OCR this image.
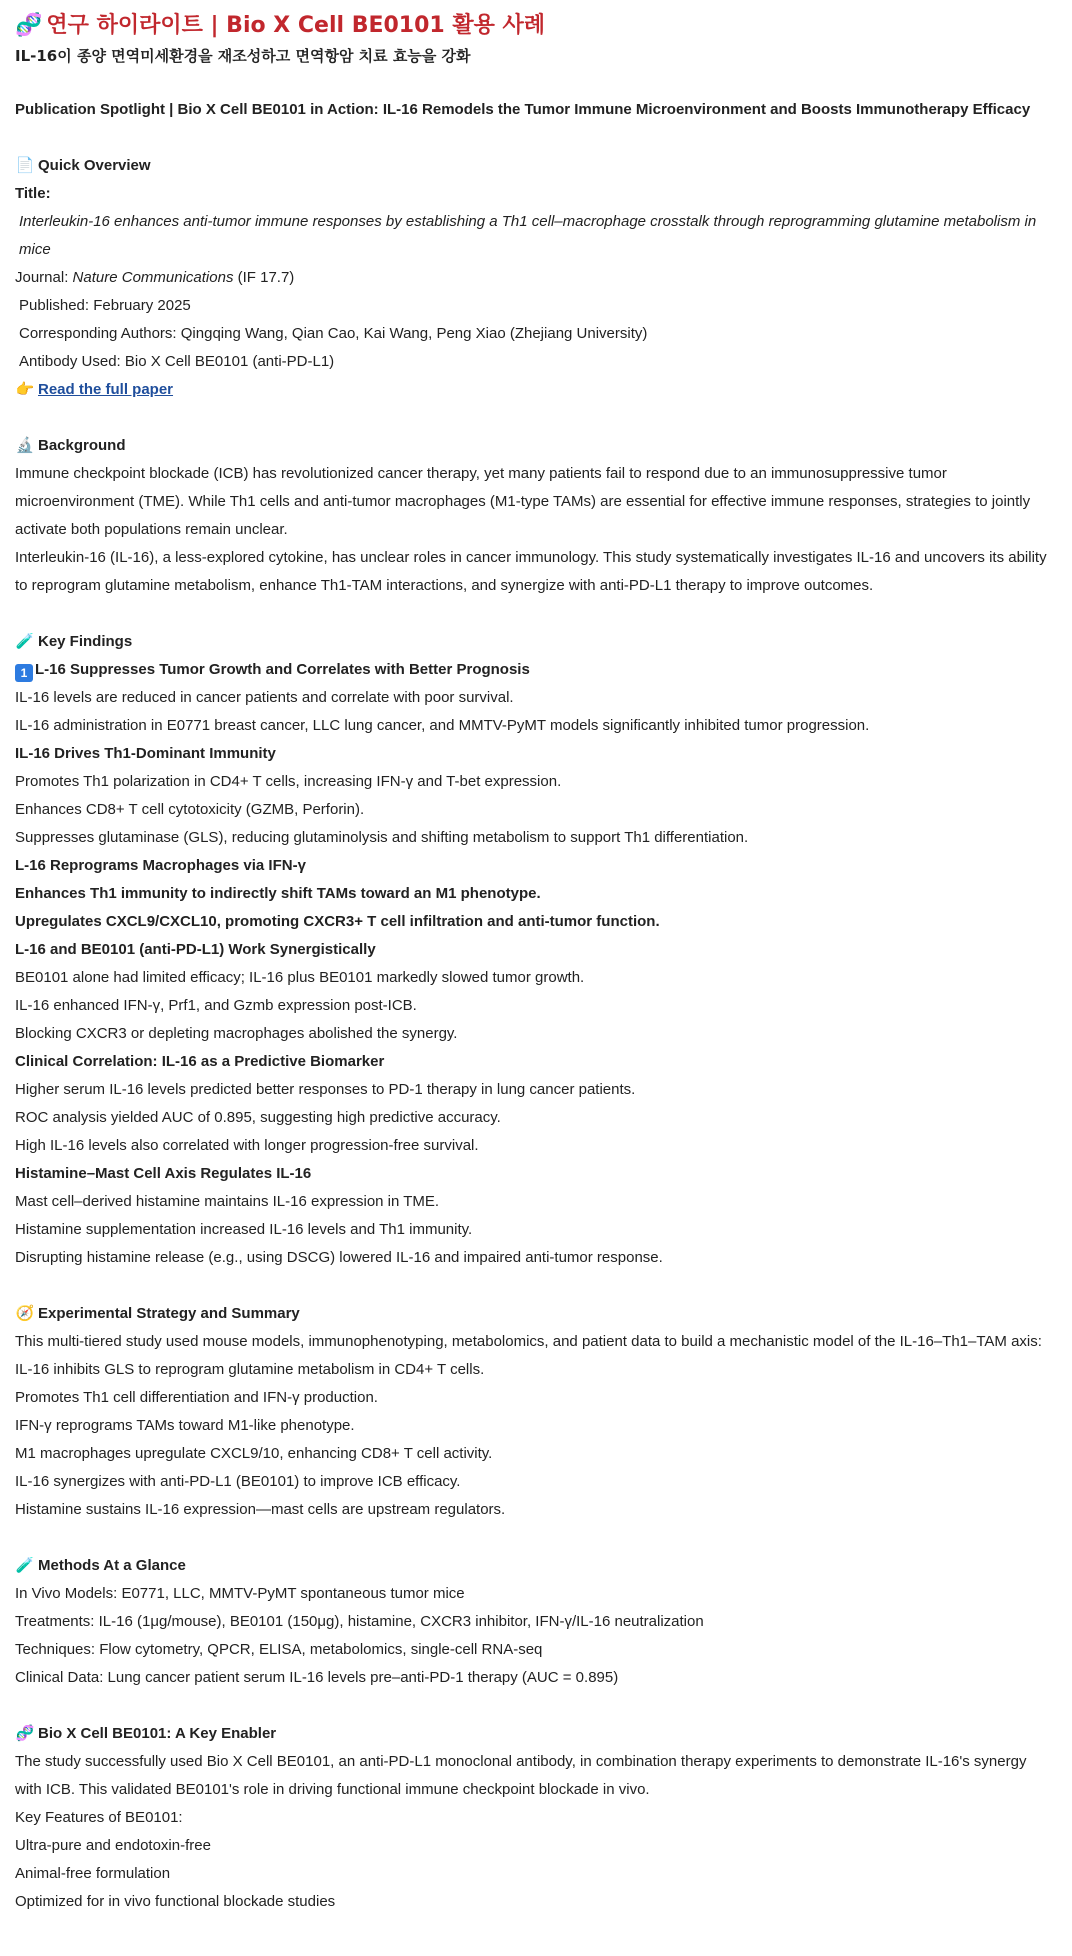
🧬 연구 하이라이트 | Bio X Cell BE0101 활용 사례
IL-16이 종양 면역미세환경을 재조성하고 면역항암 치료 효능을 강화
Publication Spotlight | Bio X Cell BE0101 in Action: IL-16 Remodels the Tumor Immune Microenvironment and Boosts Immunotherapy Efficacy
📄 Quick Overview
Title:
Interleukin-16 enhances anti-tumor immune responses by establishing a Th1 cell–macrophage crosstalk through reprogramming glutamine metabolism in mice
Journal: Nature Communications (IF 17.7)
Published: February 2025
Corresponding Authors: Qingqing Wang, Qian Cao, Kai Wang, Peng Xiao (Zhejiang University)
Antibody Used: Bio X Cell BE0101 (anti-PD-L1)
👉 Read the full paper
🔬 Background
Immune checkpoint blockade (ICB) has revolutionized cancer therapy, yet many patients fail to respond due to an immunosuppressive tumor microenvironment (TME). While Th1 cells and anti-tumor macrophages (M1-type TAMs) are essential for effective immune responses, strategies to jointly activate both populations remain unclear.
Interleukin-16 (IL-16), a less-explored cytokine, has unclear roles in cancer immunology. This study systematically investigates IL-16 and uncovers its ability to reprogram glutamine metabolism, enhance Th1-TAM interactions, and synergize with anti-PD-L1 therapy to improve outcomes.
🧪 Key Findings
1 L-16 Suppresses Tumor Growth and Correlates with Better Prognosis
IL-16 levels are reduced in cancer patients and correlate with poor survival.
IL-16 administration in E0771 breast cancer, LLC lung cancer, and MMTV-PyMT models significantly inhibited tumor progression.
IL-16 Drives Th1-Dominant Immunity
Promotes Th1 polarization in CD4+ T cells, increasing IFN-γ and T-bet expression.
Enhances CD8+ T cell cytotoxicity (GZMB, Perforin).
Suppresses glutaminase (GLS), reducing glutaminolysis and shifting metabolism to support Th1 differentiation.
L-16 Reprograms Macrophages via IFN-γ
Enhances Th1 immunity to indirectly shift TAMs toward an M1 phenotype.
Upregulates CXCL9/CXCL10, promoting CXCR3+ T cell infiltration and anti-tumor function.
L-16 and BE0101 (anti-PD-L1) Work Synergistically
BE0101 alone had limited efficacy; IL-16 plus BE0101 markedly slowed tumor growth.
IL-16 enhanced IFN-γ, Prf1, and Gzmb expression post-ICB.
Blocking CXCR3 or depleting macrophages abolished the synergy.
Clinical Correlation: IL-16 as a Predictive Biomarker
Higher serum IL-16 levels predicted better responses to PD-1 therapy in lung cancer patients.
ROC analysis yielded AUC of 0.895, suggesting high predictive accuracy.
High IL-16 levels also correlated with longer progression-free survival.
Histamine–Mast Cell Axis Regulates IL-16
Mast cell–derived histamine maintains IL-16 expression in TME.
Histamine supplementation increased IL-16 levels and Th1 immunity.
Disrupting histamine release (e.g., using DSCG) lowered IL-16 and impaired anti-tumor response.
🧭 Experimental Strategy and Summary
This multi-tiered study used mouse models, immunophenotyping, metabolomics, and patient data to build a mechanistic model of the IL-16–Th1–TAM axis:
IL-16 inhibits GLS to reprogram glutamine metabolism in CD4+ T cells.
Promotes Th1 cell differentiation and IFN-γ production.
IFN-γ reprograms TAMs toward M1-like phenotype.
M1 macrophages upregulate CXCL9/10, enhancing CD8+ T cell activity.
IL-16 synergizes with anti-PD-L1 (BE0101) to improve ICB efficacy.
Histamine sustains IL-16 expression—mast cells are upstream regulators.
🧪 Methods At a Glance
In Vivo Models: E0771, LLC, MMTV-PyMT spontaneous tumor mice
Treatments: IL-16 (1μg/mouse), BE0101 (150μg), histamine, CXCR3 inhibitor, IFN-γ/IL-16 neutralization
Techniques: Flow cytometry, QPCR, ELISA, metabolomics, single-cell RNA-seq
Clinical Data: Lung cancer patient serum IL-16 levels pre–anti-PD-1 therapy (AUC = 0.895)
🧬 Bio X Cell BE0101: A Key Enabler
The study successfully used Bio X Cell BE0101, an anti-PD-L1 monoclonal antibody, in combination therapy experiments to demonstrate IL-16's synergy with ICB. This validated BE0101's role in driving functional immune checkpoint blockade in vivo.
Key Features of BE0101:
Ultra-pure and endotoxin-free
Animal-free formulation
Optimized for in vivo functional blockade studies
